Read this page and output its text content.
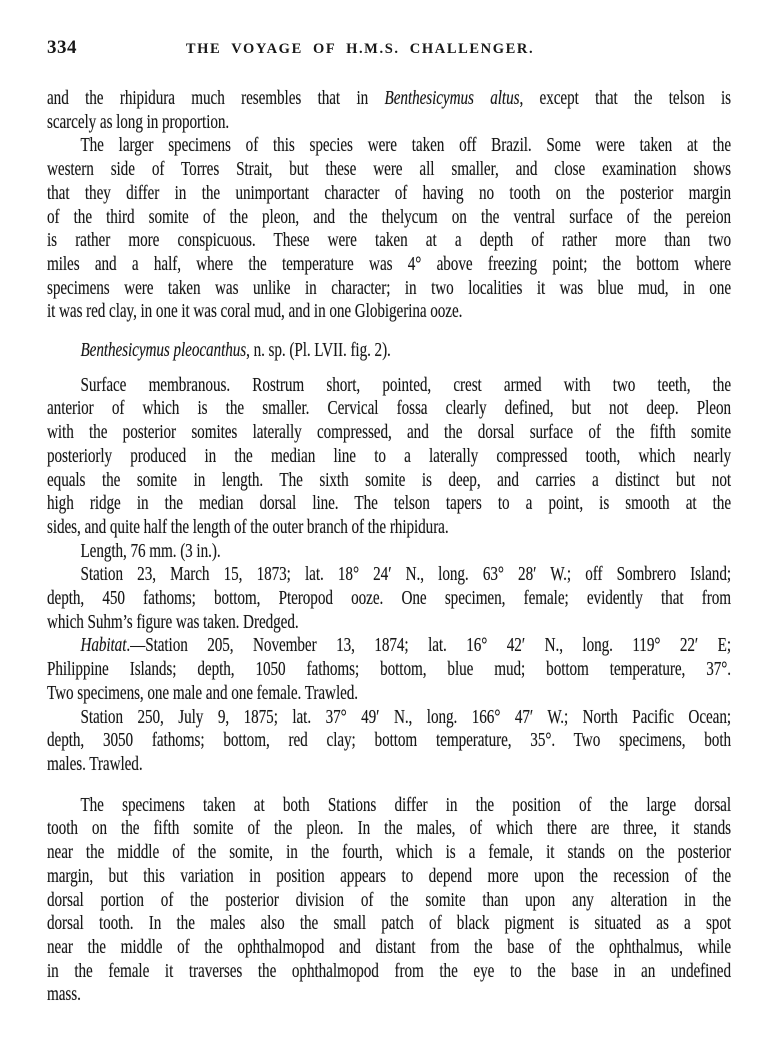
334	THE VOYAGE OF H.M.S. CHALLENGER.

and the rhipidura much resembles that in Benthesicymus altus, except that the telson is
scarcely as long in proportion.

The larger specimens of this species were taken off Brazil. Some were taken at the
western side of Torres Strait, but these were all smaller, and close examination shows
that they differ in the unimportant character of having no tooth on the posterior margin
of the third somite of the pleon, and the thelycum on the ventral surface of the pereion
is rather more conspicuous. These were taken at a depth of rather more than two
miles and a half, where the temperature was 4° above freezing point; the bottom where
specimens were taken was unlike in character; in two localities it was blue mud, in one
it was red clay, in one it was coral mud, and in one Globigerina ooze.

Benthesicymus pleocanthus, n. sp. (Pl. LVII. fig. 2).

Surface membranous. Rostrum short, pointed, crest armed with two teeth, the
anterior of which is the smaller. Cervical fossa clearly defined, but not deep. Pleon
with the posterior somites laterally compressed, and the dorsal surface of the fifth somite
posteriorly produced in the median line to a laterally compressed tooth, which nearly
equals the somite in length. The sixth somite is deep, and carries a distinct but not
high ridge in the median dorsal line. The telson tapers to a point, is smooth at the
sides, and quite half the length of the outer branch of the rhipidura.

Length, 76 mm. (3 in.).

Station 23, March 15, 1873; lat. 18° 24′ N., long. 63° 28′ W.; off Sombrero Island;
depth, 450 fathoms; bottom, Pteropod ooze. One specimen, female; evidently that from
which Suhm’s figure was taken. Dredged.

Habitat.—Station 205, November 13, 1874; lat. 16° 42′ N., long. 119° 22′ E;
Philippine Islands; depth, 1050 fathoms; bottom, blue mud; bottom temperature, 37°.
Two specimens, one male and one female. Trawled.

Station 250, July 9, 1875; lat. 37° 49′ N., long. 166° 47′ W.; North Pacific Ocean;
depth, 3050 fathoms; bottom, red clay; bottom temperature, 35°. Two specimens, both
males. Trawled.

The specimens taken at both Stations differ in the position of the large dorsal
tooth on the fifth somite of the pleon. In the males, of which there are three, it stands
near the middle of the somite, in the fourth, which is a female, it stands on the posterior
margin, but this variation in position appears to depend more upon the recession of the
dorsal portion of the posterior division of the somite than upon any alteration in the
dorsal tooth. In the males also the small patch of black pigment is situated as a spot
near the middle of the ophthalmopod and distant from the base of the ophthalmus, while
in the female it traverses the ophthalmopod from the eye to the base in an undefined
mass.
